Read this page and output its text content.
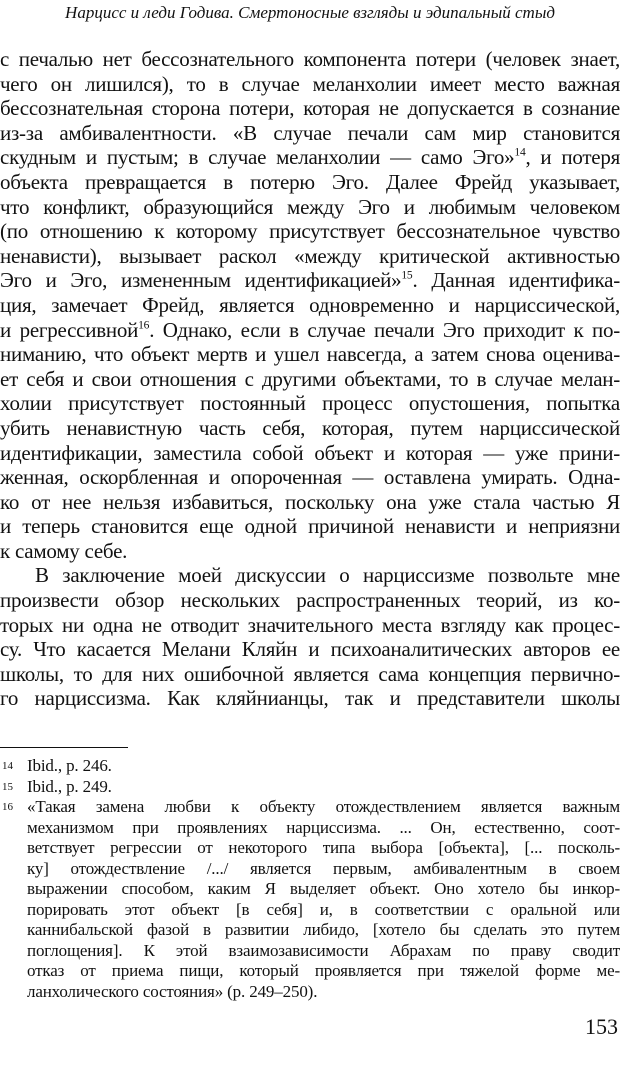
Нарцисс и леди Годива. Смертоносные взгляды и эдипальный стыд
с печалью нет бессознательного компонента потери (человек знает,
чего он лишился), то в случае меланхолии имеет место важная
бессознательная сторона потери, которая не допускается в сознание
из-за амбивалентности. «В случае печали сам мир становится
скудным и пустым; в случае меланхолии — само Эго»$^{14}$, и потеря
объекта превращается в потерю Эго. Далее Фрейд указывает,
что конфликт, образующийся между Эго и любимым человеком
(по отношению к которому присутствует бессознательное чувство
ненависти), вызывает раскол «между критической активностью
Эго и Эго, измененным идентификацией»$^{15}$. Данная идентифика-
ция, замечает Фрейд, является одновременно и нарциссической,
и регрессивной$^{16}$. Однако, если в случае печали Эго приходит к по-
ниманию, что объект мертв и ушел навсегда, а затем снова оценива-
ет себя и свои отношения с другими объектами, то в случае мелан-
холии присутствует постоянный процесс опустошения, попытка
убить ненавистную часть себя, которая, путем нарциссической
идентификации, заместила собой объект и которая — уже прини-
женная, оскорбленная и опороченная — оставлена умирать. Одна-
ко от нее нельзя избавиться, поскольку она уже стала частью Я
и теперь становится еще одной причиной ненависти и неприязни
к самому себе.
В заключение моей дискуссии о нарциссизме позвольте мне
произвести обзор нескольких распространенных теорий, из ко-
торых ни одна не отводит значительного места взгляду как процес-
су. Что касается Мелани Кляйн и психоаналитических авторов ее
школы, то для них ошибочной является сама концепция первично-
го нарциссизма. Как кляйнианцы, так и представители школы
14 Ibid., p. 246.
15 Ibid., p. 249.
16 «Такая замена любви к объекту отождествлением является важным
механизмом при проявлениях нарциссизма. ... Он, естественно, соот-
ветствует регрессии от некоторого типа выбора [объекта], [... посколь-
ку] отождествление /.../ является первым, амбивалентным в своем
выражении способом, каким Я выделяет объект. Оно хотело бы инкор-
порировать этот объект [в себя] и, в соответствии с оральной или
каннибальской фазой в развитии либидо, [хотело бы сделать это путем
поглощения]. К этой взаимозависимости Абрахам по праву сводит
отказ от приема пищи, который проявляется при тяжелой форме ме-
ланхолического состояния» (p. 249–250).
153
